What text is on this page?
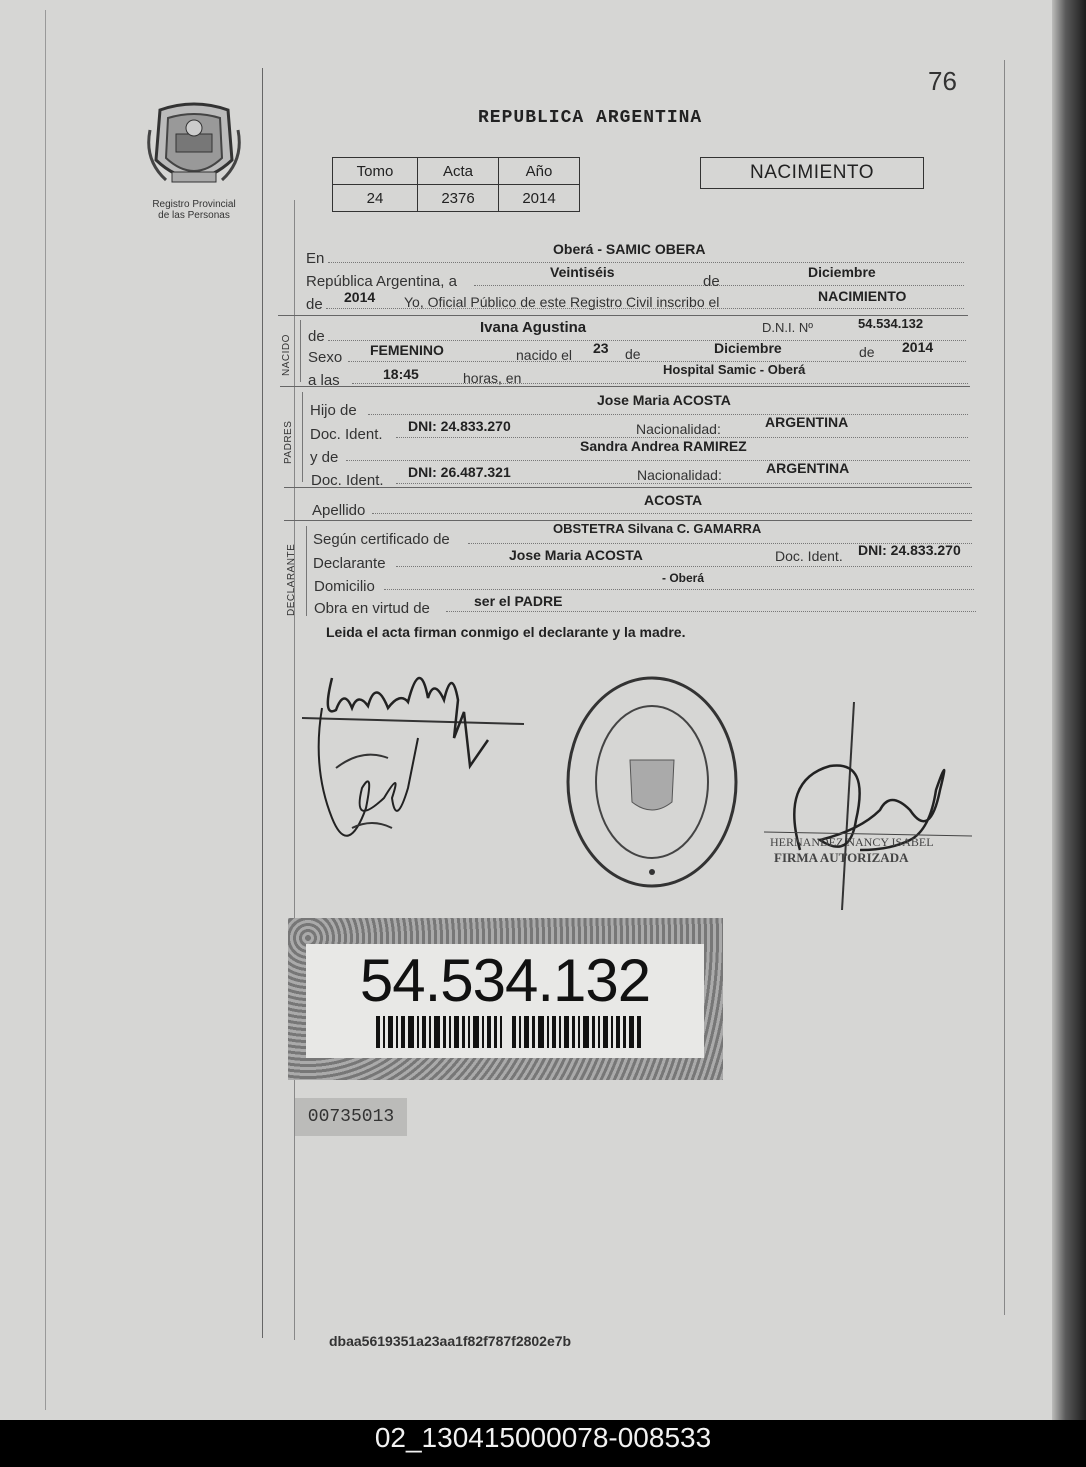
76
Registro Provincial
de las Personas
REPUBLICA ARGENTINA
Tomo	Acta	Año
24	2376	2014
NACIMIENTO
En
Oberá - SAMIC OBERA
República Argentina, a
Veintiséis
de
Diciembre
de 2014 Yo, Oficial Público de este Registro Civil inscribo el	NACIMIENTO
NACIDO de
Ivana Agustina	D.N.I. Nº	54.534.132
Sexo FEMENINO	nacido el 23 de	Diciembre	de 2014
a las	18:45	horas, en
Hospital Samic - Oberá
PADRES
Hijo de
Jose Maria ACOSTA
Doc. Ident. DNI: 24.833.270	Nacionalidad:	ARGENTINA
y de
Sandra Andrea RAMIREZ
Doc. Ident. DNI: 26.487.321	Nacionalidad:	ARGENTINA
Apellido
ACOSTA
DECLARANTE
Según certificado de
OBSTETRA Silvana C. GAMARRA
Declarante	Jose Maria ACOSTA	Doc. Ident. DNI: 24.833.270
Domicilio	- Oberá
Obra en virtud de	ser el PADRE
Leida el acta firman conmigo el declarante y la madre.
HERNANDEZ NANCY ISABEL
FIRMA AUTORIZADA
54.534.132
00735013
dbaa5619351a23aa1f82f787f2802e7b
02_130415000078-008533
